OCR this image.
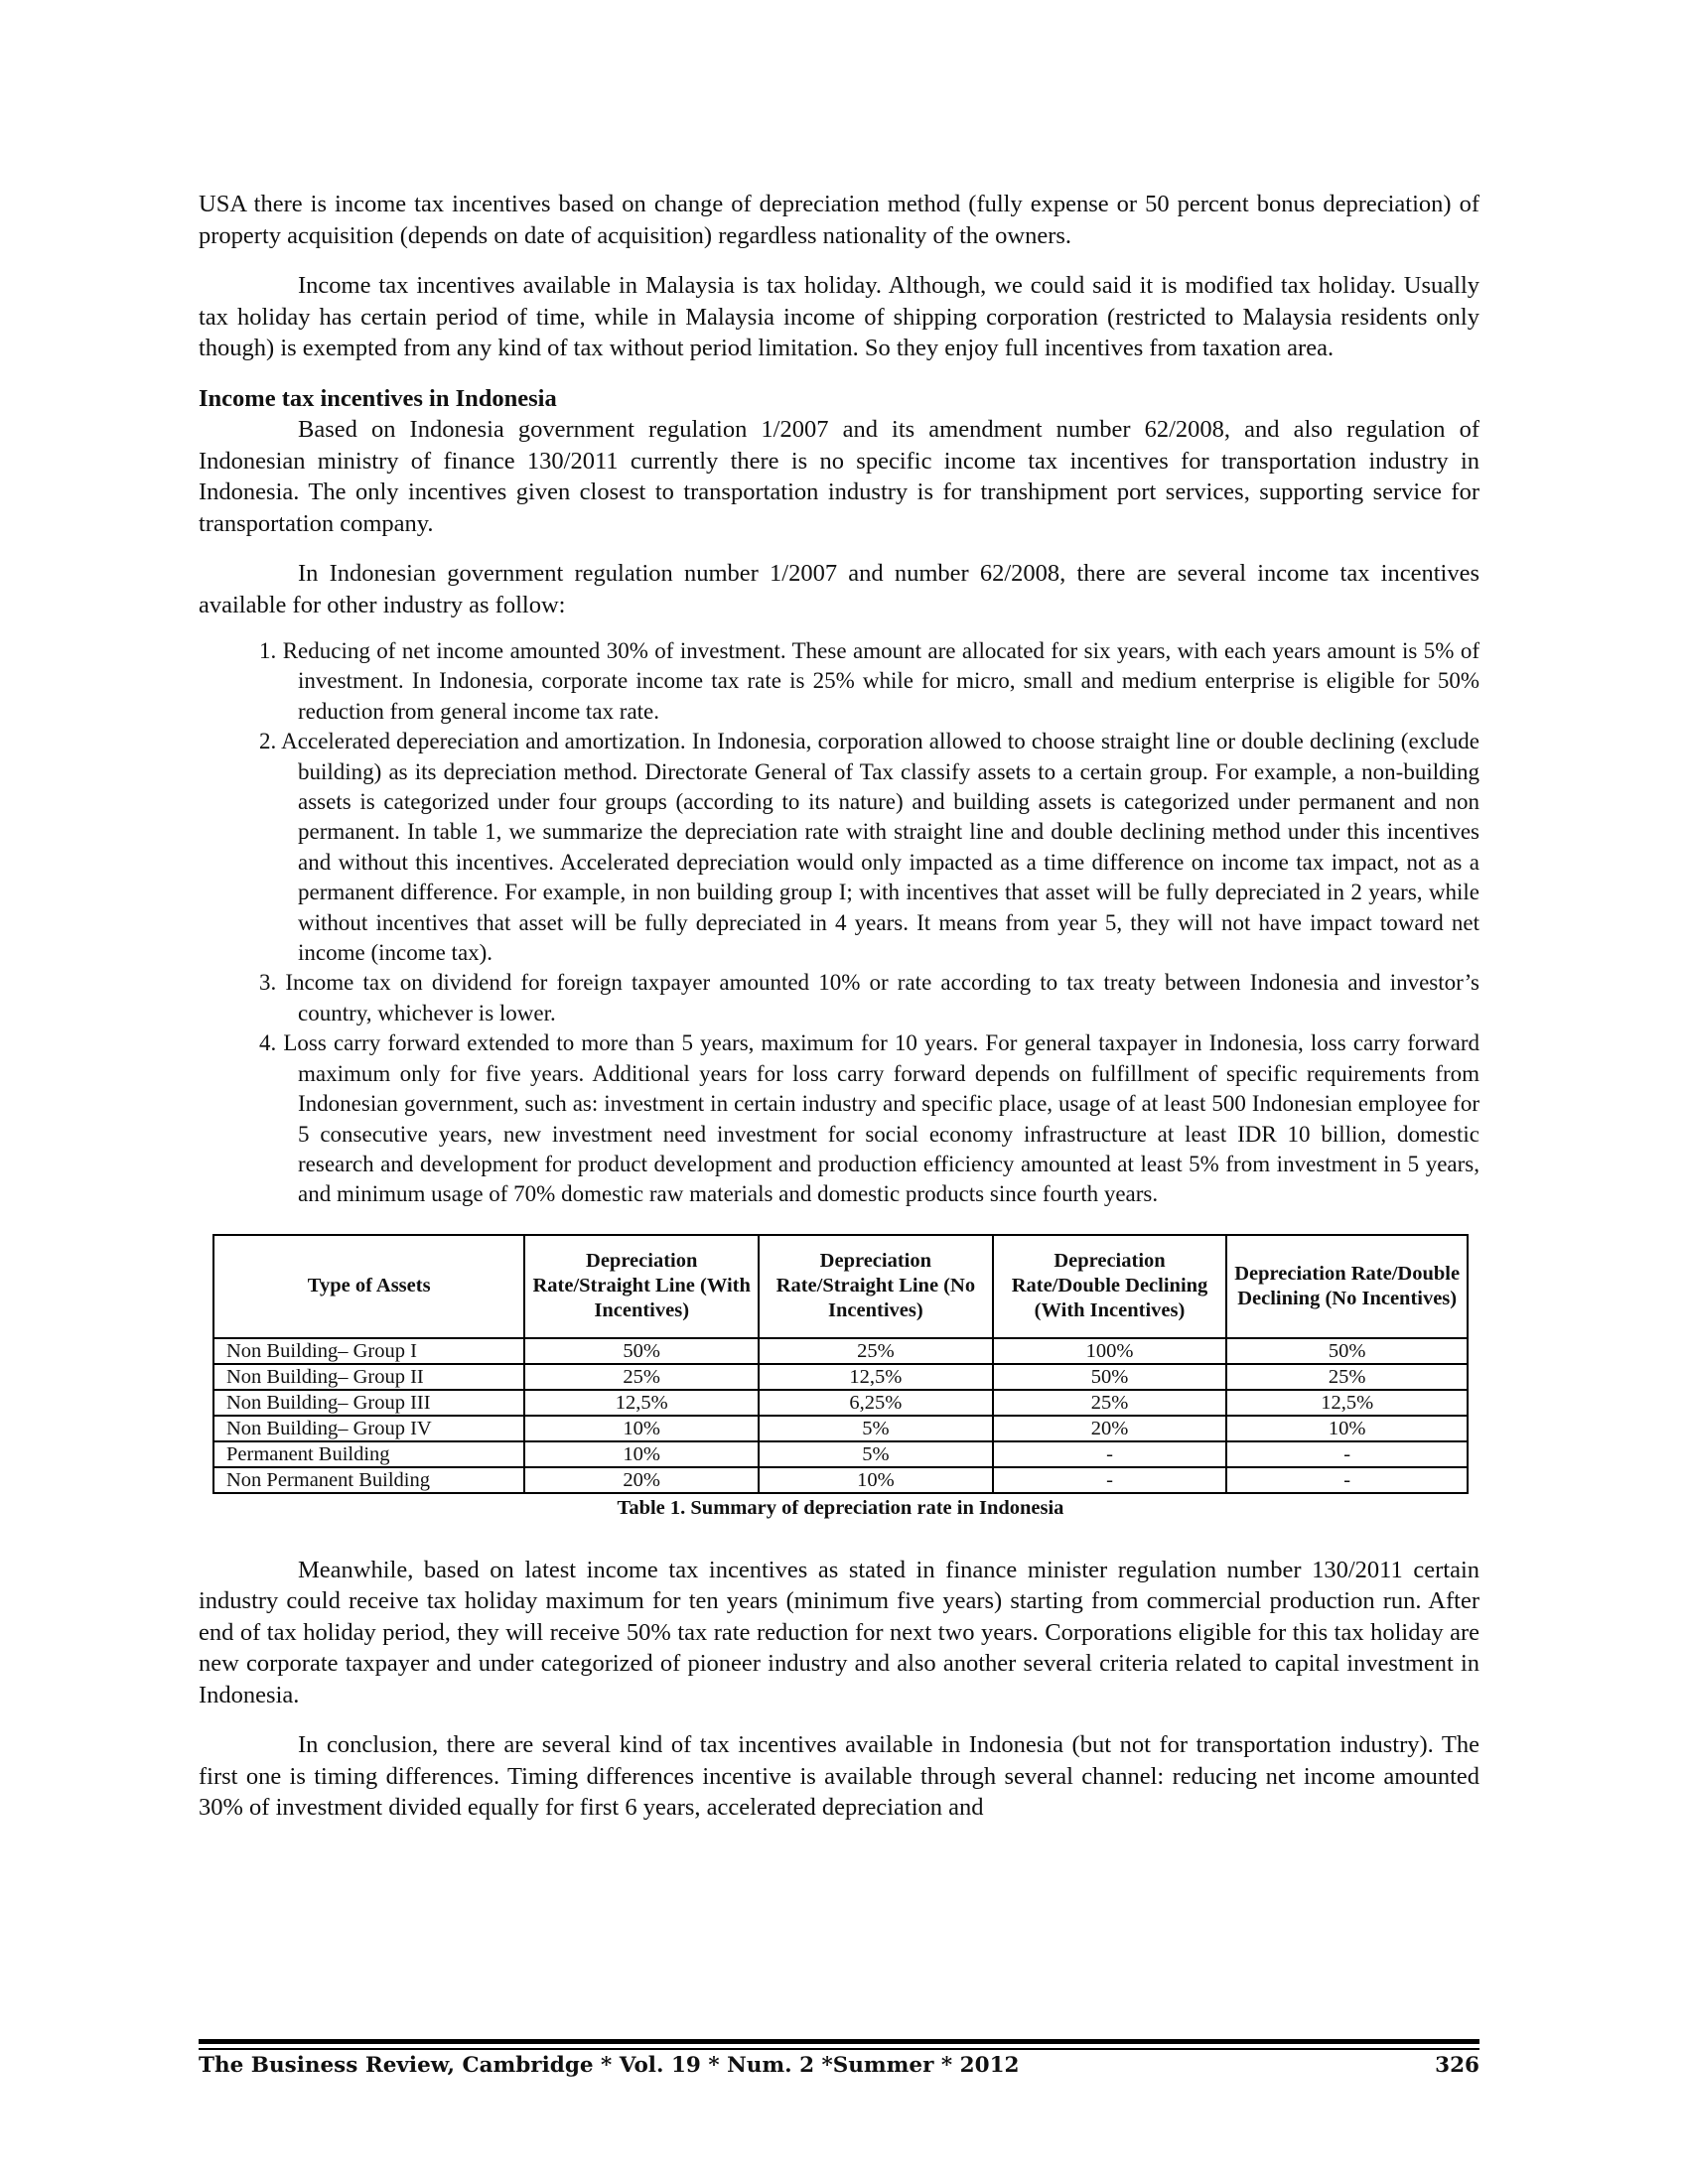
USA there is income tax incentives based on change of depreciation method (fully expense or 50 percent bonus depreciation) of property acquisition (depends on date of acquisition) regardless nationality of the owners.

Income tax incentives available in Malaysia is tax holiday. Although, we could said it is modified tax holiday. Usually tax holiday has certain period of time, while in Malaysia income of shipping corporation (restricted to Malaysia residents only though) is exempted from any kind of tax without period limitation. So they enjoy full incentives from taxation area.

Income tax incentives in Indonesia

Based on Indonesia government regulation 1/2007 and its amendment number 62/2008, and also regulation of Indonesian ministry of finance 130/2011 currently there is no specific income tax incentives for transportation industry in Indonesia. The only incentives given closest to transportation industry is for transhipment port services, supporting service for transportation company.

In Indonesian government regulation number 1/2007 and number 62/2008, there are several income tax incentives available for other industry as follow:

1. Reducing of net income amounted 30% of investment. These amount are allocated for six years, with each years amount is 5% of investment. In Indonesia, corporate income tax rate is 25% while for micro, small and medium enterprise is eligible for 50% reduction from general income tax rate.
2. Accelerated depereciation and amortization. In Indonesia, corporation allowed to choose straight line or double declining (exclude building) as its depreciation method. Directorate General of Tax classify assets to a certain group. For example, a non-building assets is categorized under four groups (according to its nature) and building assets is categorized under permanent and non permanent. In table 1, we summarize the depreciation rate with straight line and double declining method under this incentives and without this incentives. Accelerated depreciation would only impacted as a time difference on income tax impact, not as a permanent difference. For example, in non building group I; with incentives that asset will be fully depreciated in 2 years, while without incentives that asset will be fully depreciated in 4 years. It means from year 5, they will not have impact toward net income (income tax).
3. Income tax on dividend for foreign taxpayer amounted 10% or rate according to tax treaty between Indonesia and investor’s country, whichever is lower.
4. Loss carry forward extended to more than 5 years, maximum for 10 years. For general taxpayer in Indonesia, loss carry forward maximum only for five years. Additional years for loss carry forward depends on fulfillment of specific requirements from Indonesian government, such as: investment in certain industry and specific place, usage of at least 500 Indonesian employee for 5 consecutive years, new investment need investment for social economy infrastructure at least IDR 10 billion, domestic research and development for product development and production efficiency amounted at least 5% from investment in 5 years, and minimum usage of 70% domestic raw materials and domestic products since fourth years.
Type of Assets	Depreciation Rate/Straight Line (With Incentives)	Depreciation Rate/Straight Line (No Incentives)	Depreciation Rate/Double Declining (With Incentives)	Depreciation Rate/Double Declining (No Incentives)
Non Building– Group I	50%	25%	100%	50%
Non Building– Group II	25%	12,5%	50%	25%
Non Building– Group III	12,5%	6,25%	25%	12,5%
Non Building– Group IV	10%	5%	20%	10%
Permanent Building	10%	5%	-	-
Non Permanent Building	20%	10%	-	-
Table 1. Summary of depreciation rate in Indonesia

Meanwhile, based on latest income tax incentives as stated in finance minister regulation number 130/2011 certain industry could receive tax holiday maximum for ten years (minimum five years) starting from commercial production run. After end of tax holiday period, they will receive 50% tax rate reduction for next two years. Corporations eligible for this tax holiday are new corporate taxpayer and under categorized of pioneer industry and also another several criteria related to capital investment in Indonesia.

In conclusion, there are several kind of tax incentives available in Indonesia (but not for transportation industry). The first one is timing differences. Timing differences incentive is available through several channel: reducing net income amounted 30% of investment divided equally for first 6 years, accelerated depreciation and

The Business Review, Cambridge * Vol. 19 * Num. 2 *Summer * 2012	326
